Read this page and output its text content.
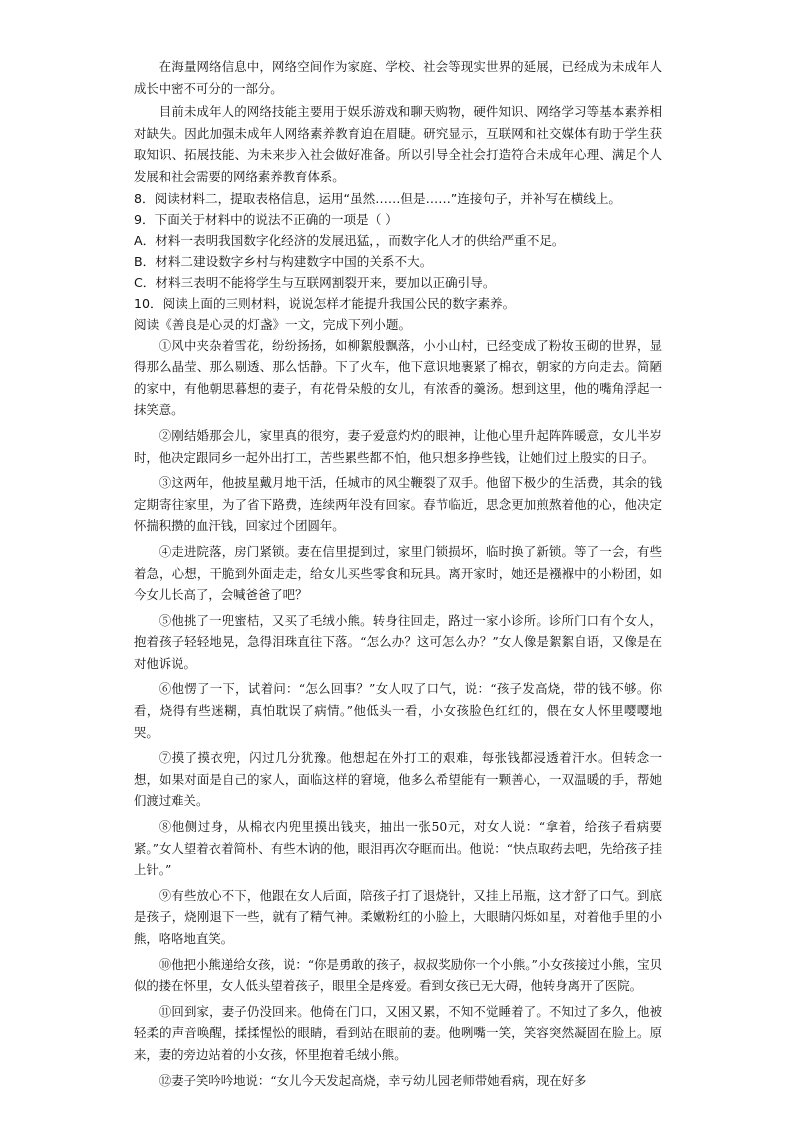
在海量网络信息中，网络空间作为家庭、学校、社会等现实世界的延展，已经成为未成年人成长中密不可分的一部分。

目前未成年人的网络技能主要用于娱乐游戏和聊天购物，硬件知识、网络学习等基本素养相对缺失。因此加强未成年人网络素养教育迫在眉睫。研究显示，互联网和社交媒体有助于学生获取知识、拓展技能、为未来步入社会做好准备。所以引导全社会打造符合未成年心理、满足个人发展和社会需要的网络素养教育体系。

8．阅读材料二，提取表格信息，运用“虽然……但是……”连接句子，并补写在横线上。

9．下面关于材料中的说法不正确的一项是（ ）

A．材料一表明我国数字化经济的发展迅猛，，而数字化人才的供给严重不足。

B．材料二建设数字乡村与构建数字中国的关系不大。

C．材料三表明不能将学生与互联网割裂开来，要加以正确引导。

10．阅读上面的三则材料，说说怎样才能提升我国公民的数字素养。

阅读《善良是心灵的灯盏》一文，完成下列小题。

①风中夹杂着雪花，纷纷扬扬，如柳絮般飘落，小小山村，已经变成了粉妆玉砌的世界，显得那么晶莹、那么剔透、那么恬静。下了火车，他下意识地裹紧了棉衣，朝家的方向走去。简陋的家中，有他朝思暮想的妻子，有花骨朵般的女儿，有浓香的羹汤。想到这里，他的嘴角浮起一抹笑意。

②刚结婚那会儿，家里真的很穷，妻子爱意灼灼的眼神，让他心里升起阵阵暖意，女儿半岁时，他决定跟同乡一起外出打工，苦些累些都不怕，他只想多挣些钱，让她们过上殷实的日子。

③这两年，他披星戴月地干活，任城市的风尘鞭裂了双手。他留下极少的生活费，其余的钱定期寄往家里，为了省下路费，连续两年没有回家。春节临近，思念更加煎熬着他的心，他决定怀揣积攒的血汗钱，回家过个团圆年。

④走进院落，房门紧锁。妻在信里提到过，家里门锁损坏，临时换了新锁。等了一会，有些着急，心想，干脆到外面走走，给女儿买些零食和玩具。离开家时，她还是襁褓中的小粉团，如今女儿长高了，会喊爸爸了吧？

⑤他挑了一兜蜜桔，又买了毛绒小熊。转身往回走，路过一家小诊所。诊所门口有个女人，抱着孩子轻轻地晃，急得泪珠直往下落。“怎么办？这可怎么办？”女人像是絮絮自语，又像是在对他诉说。

⑥他愣了一下，试着问：“怎么回事？”女人叹了口气，说：“孩子发高烧，带的钱不够。你看，烧得有些迷糊，真怕耽误了病情。”他低头一看，小女孩脸色红红的，偎在女人怀里嘤嘤地哭。

⑦摸了摸衣兜，闪过几分犹豫。他想起在外打工的艰难，每张钱都浸透着汗水。但转念一想，如果对面是自己的家人，面临这样的窘境，他多么希望能有一颗善心，一双温暖的手，帮她们渡过难关。

⑧他侧过身，从棉衣内兜里摸出钱夹，抽出一张50元，对女人说：“拿着，给孩子看病要紧。”女人望着衣着简朴、有些木讷的他，眼泪再次夺眶而出。他说：“快点取药去吧，先给孩子挂上针。”

⑨有些放心不下，他跟在女人后面，陪孩子打了退烧针，又挂上吊瓶，这才舒了口气。到底是孩子，烧刚退下一些，就有了精气神。柔嫩粉红的小脸上，大眼睛闪烁如星，对着他手里的小熊，咯咯地直笑。

⑩他把小熊递给女孩，说：“你是勇敢的孩子，叔叔奖励你一个小熊。”小女孩接过小熊，宝贝似的搂在怀里，女人低头望着孩子，眼里全是疼爱。看到女孩已无大碍，他转身离开了医院。

⑪回到家，妻子仍没回来。他倚在门口，又困又累，不知不觉睡着了。不知过了多久，他被轻柔的声音唤醒，揉揉惺忪的眼睛，看到站在眼前的妻。他咧嘴一笑，笑容突然凝固在脸上。原来，妻的旁边站着的小女孩，怀里抱着毛绒小熊。

⑫妻子笑吟吟地说：“女儿今天发起高烧，幸亏幼儿园老师带她看病，现在好多
